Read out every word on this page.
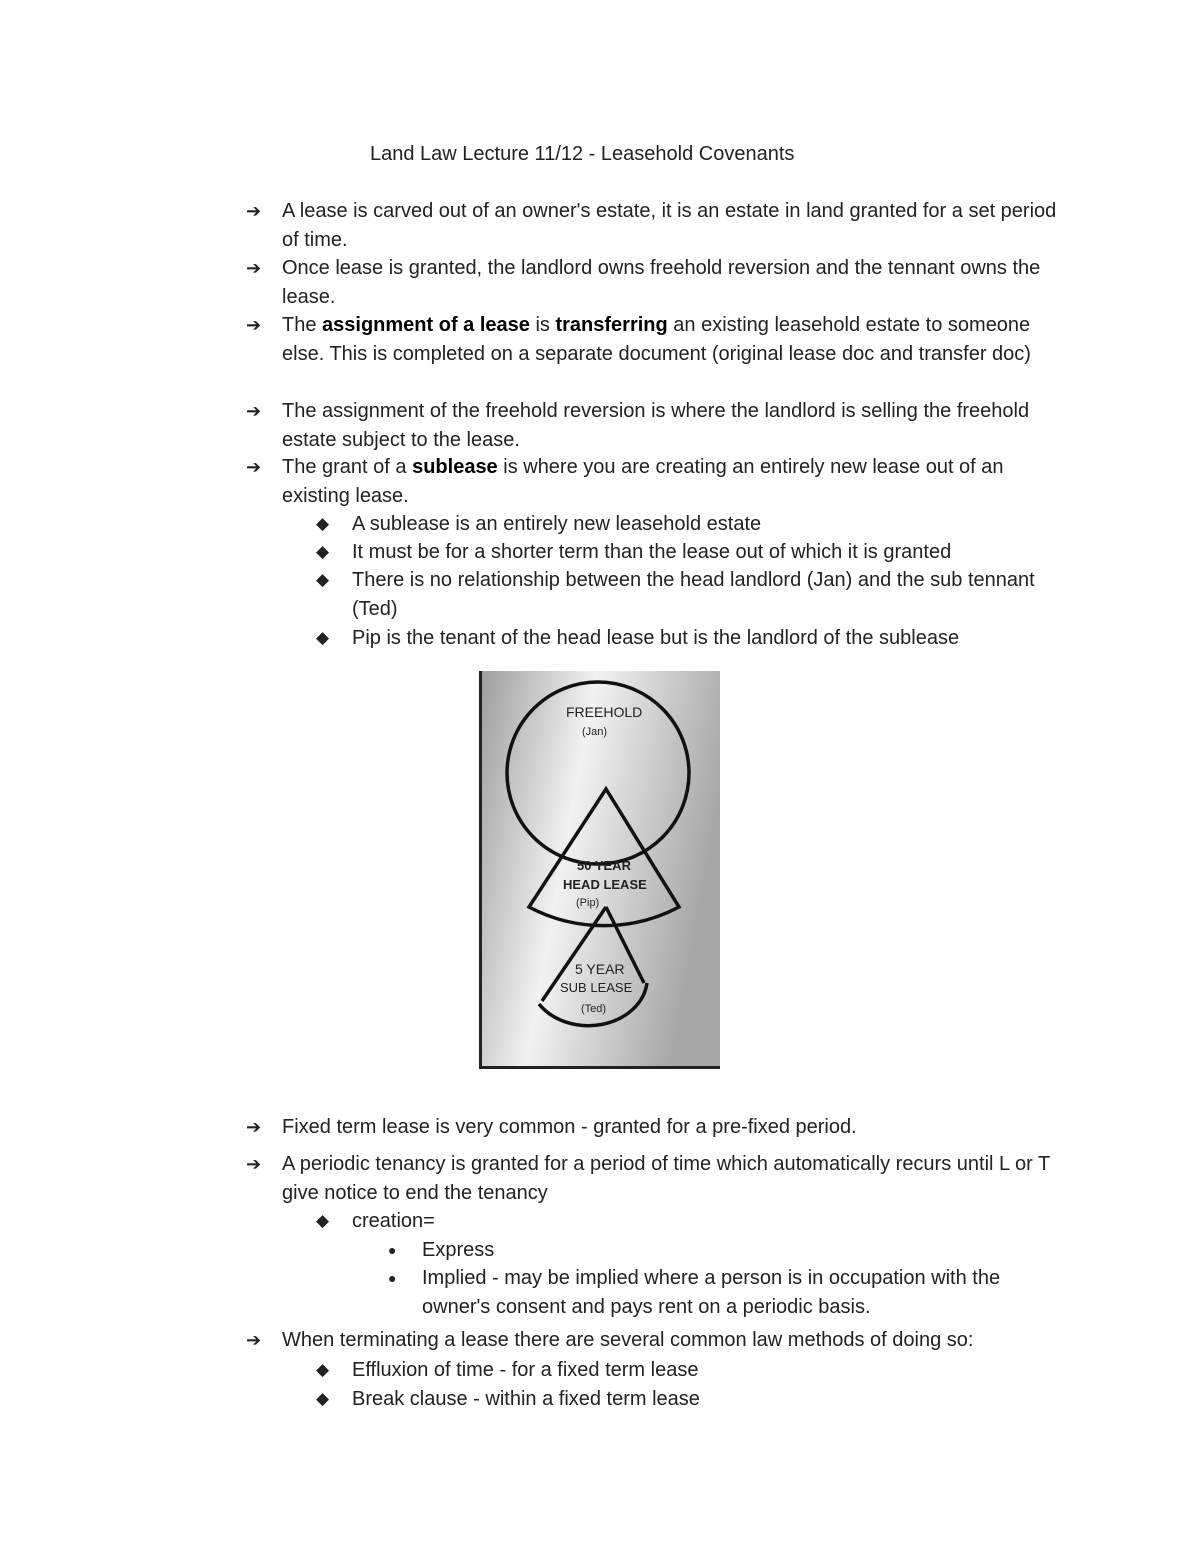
Land Law Lecture 11/12 - Leasehold Covenants
➔ A lease is carved out of an owner's estate, it is an estate in land granted for a set period of time.
➔ Once lease is granted, the landlord owns freehold reversion and the tennant owns the lease.
➔ The assignment of a lease is transferring an existing leasehold estate to someone else. This is completed on a separate document (original lease doc and transfer doc)
➔ The assignment of the freehold reversion is where the landlord is selling the freehold estate subject to the lease.
➔ The grant of a sublease is where you are creating an entirely new lease out of an existing lease.
◆ A sublease is an entirely new leasehold estate
◆ It must be for a shorter term than the lease out of which it is granted
◆ There is no relationship between the head landlord (Jan) and the sub tennant (Ted)
◆ Pip is the tenant of the head lease but is the landlord of the sublease
FREEHOLD
(Jan)
50 YEAR
HEAD LEASE
(Pip)
5 YEAR
SUB LEASE
(Ted)
➔ Fixed term lease is very common - granted for a pre-fixed period.
➔ A periodic tenancy is granted for a period of time which automatically recurs until L or T give notice to end the tenancy
◆ creation=
● Express
● Implied - may be implied where a person is in occupation with the owner's consent and pays rent on a periodic basis.
➔ When terminating a lease there are several common law methods of doing so:
◆ Effluxion of time - for a fixed term lease
◆ Break clause - within a fixed term lease
